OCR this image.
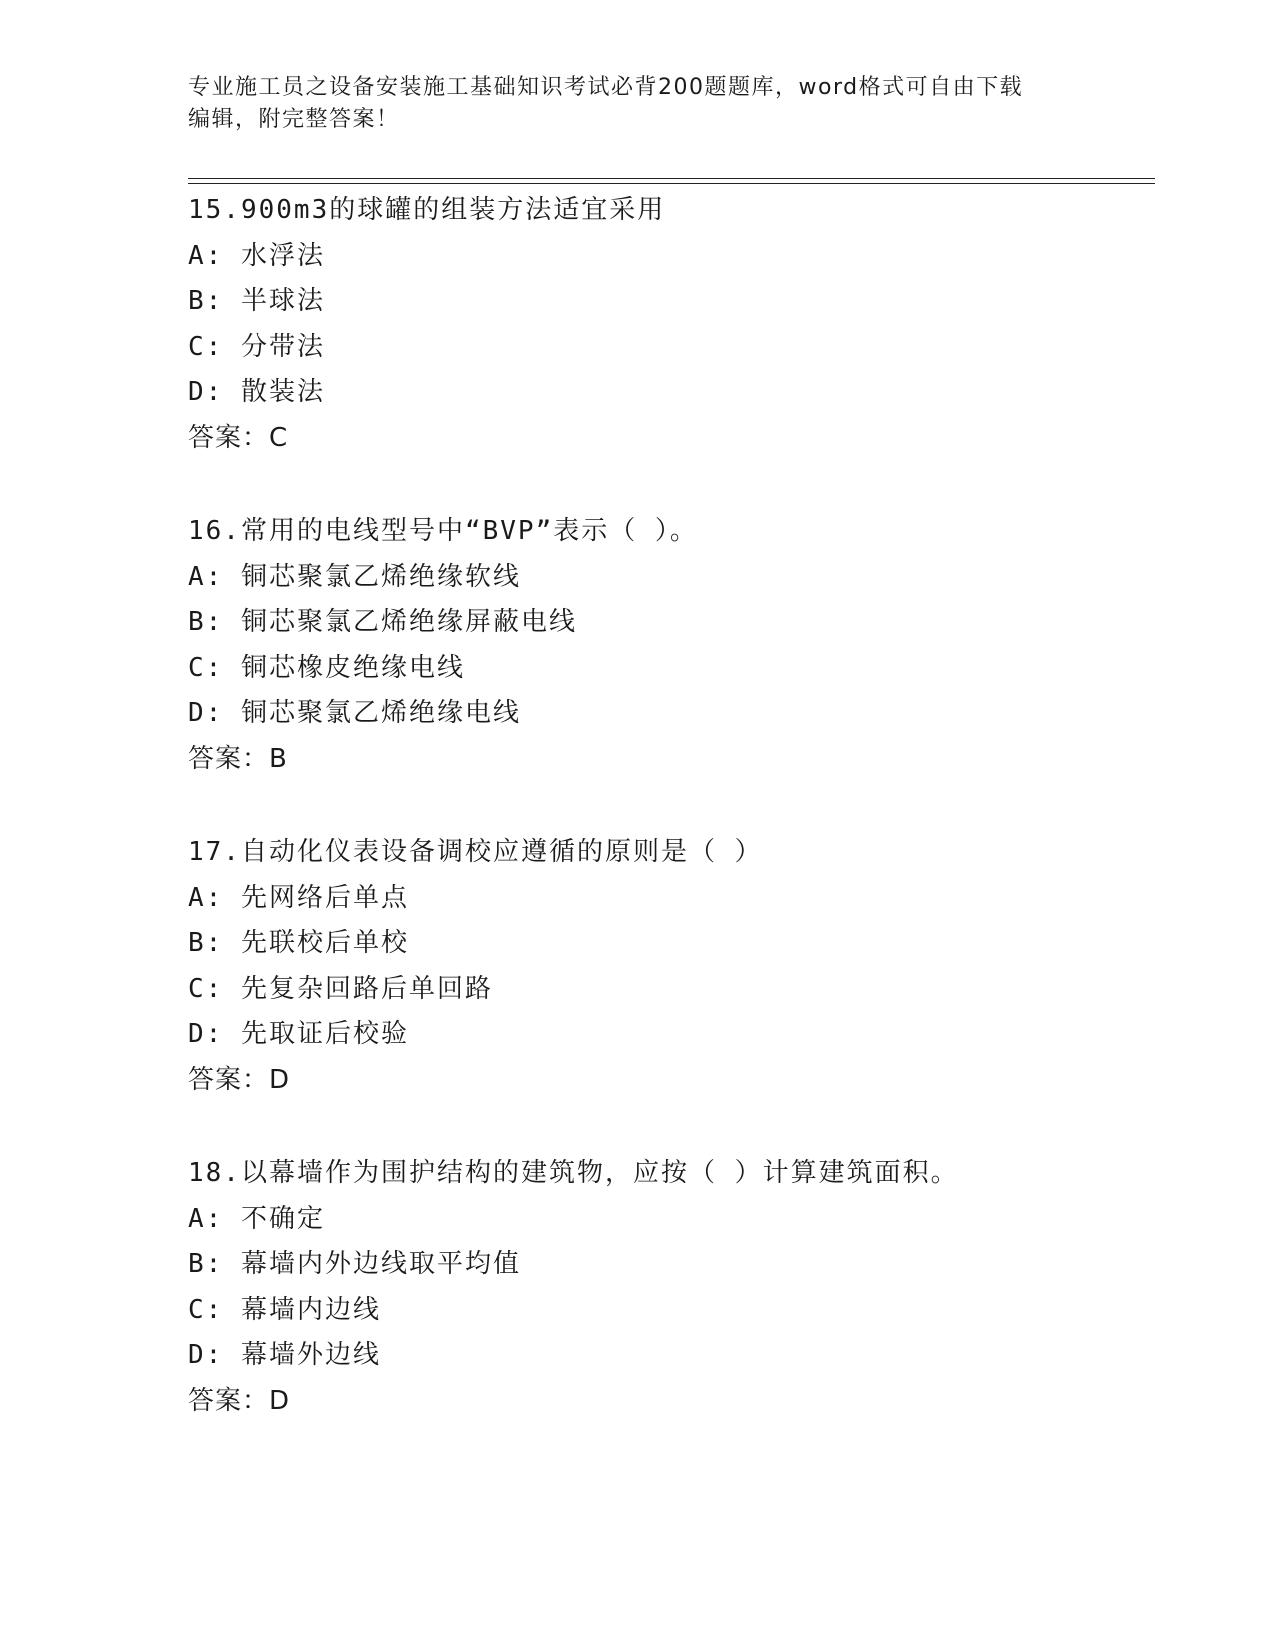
专业施工员之设备安装施工基础知识考试必背200题题库，word格式可自由下载
编辑，附完整答案！
15.900m3的球罐的组装方法适宜采用
A: 水浮法
B: 半球法
C: 分带法
D: 散装法
答案：C
16.常用的电线型号中“BVP”表示（ ）。
A: 铜芯聚氯乙烯绝缘软线
B: 铜芯聚氯乙烯绝缘屏蔽电线
C: 铜芯橡皮绝缘电线
D: 铜芯聚氯乙烯绝缘电线
答案：B
17.自动化仪表设备调校应遵循的原则是（ ）
A: 先网络后单点
B: 先联校后单校
C: 先复杂回路后单回路
D: 先取证后校验
答案：D
18.以幕墙作为围护结构的建筑物，应按（ ）计算建筑面积。
A: 不确定
B: 幕墙内外边线取平均值
C: 幕墙内边线
D: 幕墙外边线
答案：D
